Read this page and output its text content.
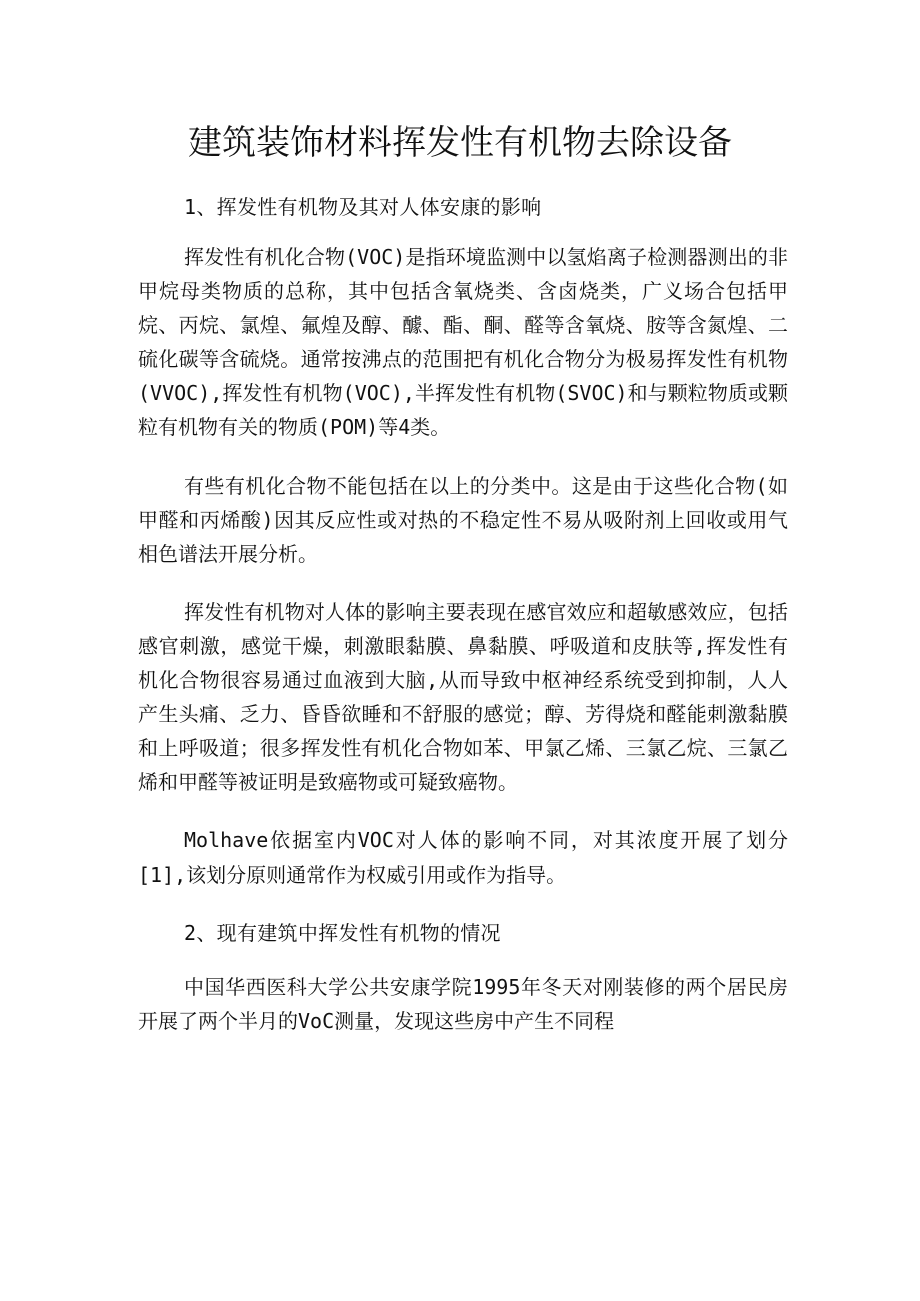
建筑装饰材料挥发性有机物去除设备

1、挥发性有机物及其对人体安康的影响

挥发性有机化合物(VOC)是指环境监测中以氢焰离子检测器测出的非甲烷母类物质的总称，其中包括含氧烧类、含卤烧类，广义场合包括甲烷、丙烷、氯煌、氟煌及醇、醵、酯、酮、醛等含氧烧、胺等含氮煌、二硫化碳等含硫烧。通常按沸点的范围把有机化合物分为极易挥发性有机物(VVOC),挥发性有机物(VOC),半挥发性有机物(SVOC)和与颗粒物质或颗粒有机物有关的物质(POM)等4类。

有些有机化合物不能包括在以上的分类中。这是由于这些化合物(如甲醛和丙烯酸)因其反应性或对热的不稳定性不易从吸附剂上回收或用气相色谱法开展分析。

挥发性有机物对人体的影响主要表现在感官效应和超敏感效应，包括感官刺激，感觉干燥，刺激眼黏膜、鼻黏膜、呼吸道和皮肤等,挥发性有机化合物很容易通过血液到大脑,从而导致中枢神经系统受到抑制，人人产生头痛、乏力、昏昏欲睡和不舒服的感觉；醇、芳得烧和醛能刺激黏膜和上呼吸道；很多挥发性有机化合物如苯、甲氯乙烯、三氯乙烷、三氯乙烯和甲醛等被证明是致癌物或可疑致癌物。

Molhave依据室内VOC对人体的影响不同，对其浓度开展了划分[1],该划分原则通常作为权威引用或作为指导。

2、现有建筑中挥发性有机物的情况

中国华西医科大学公共安康学院1995年冬天对刚装修的两个居民房开展了两个半月的VoC测量，发现这些房中产生不同程
